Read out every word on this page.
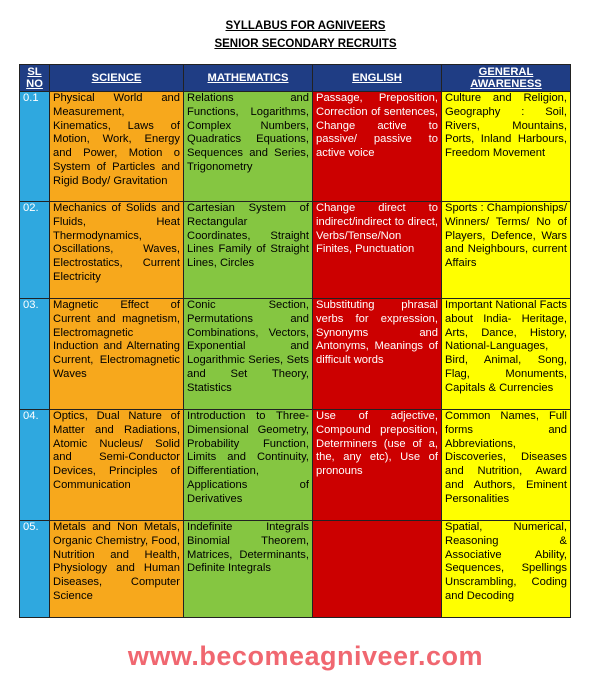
SYLLABUS FOR AGNIVEERS
SENIOR SECONDARY RECRUITS
SL NO	SCIENCE	MATHEMATICS	ENGLISH	GENERAL AWARENESS
0.1	Physical World and Measurement, Kinematics, Laws of Motion, Work, Energy and Power, Motion o System of Particles and Rigid Body/ Gravitation	Relations and Functions, Logarithms, Complex Numbers, Quadratics Equations, Sequences and Series, Trigonometry	Passage, Preposition, Correction of sentences, Change active to passive/ passive to active voice	Culture and Religion, Geography : Soil, Rivers, Mountains, Ports, Inland Harbours, Freedom Movement
02.	Mechanics of Solids and Fluids, Heat Thermodynamics, Oscillations, Waves, Electrostatics, Current Electricity	Cartesian System of Rectangular Coordinates, Straight Lines Family of Straight Lines, Circles	Change direct to indirect/indirect to direct, Verbs/Tense/Non Finites, Punctuation	Sports : Championships/ Winners/ Terms/ No of Players, Defence, Wars and Neighbours, current Affairs
03.	Magnetic Effect of Current and magnetism, Electromagnetic Induction and Alternating Current, Electromagnetic Waves	Conic Section, Permutations and Combinations, Vectors, Exponential and Logarithmic Series, Sets and Set Theory, Statistics	Substituting phrasal verbs for expression, Synonyms and Antonyms, Meanings of difficult words	Important National Facts about India- Heritage, Arts, Dance, History, National-Languages, Bird, Animal, Song, Flag, Monuments, Capitals & Currencies
04.	Optics, Dual Nature of Matter and Radiations, Atomic Nucleus/ Solid and Semi-Conductor Devices, Principles of Communication	Introduction to Three-Dimensional Geometry, Probability Function, Limits and Continuity, Differentiation, Applications of Derivatives	Use of adjective, Compound preposition, Determiners (use of a, the, any etc), Use of pronouns	Common Names, Full forms and Abbreviations, Discoveries, Diseases and Nutrition, Award and Authors, Eminent Personalities
05.	Metals and Non Metals, Organic Chemistry, Food, Nutrition and Health, Physiology and Human Diseases, Computer Science	Indefinite Integrals Binomial Theorem, Matrices, Determinants, Definite Integrals		Spatial, Numerical, Reasoning & Associative Ability, Sequences, Spellings Unscrambling, Coding and Decoding
www.becomeagniveer.com
